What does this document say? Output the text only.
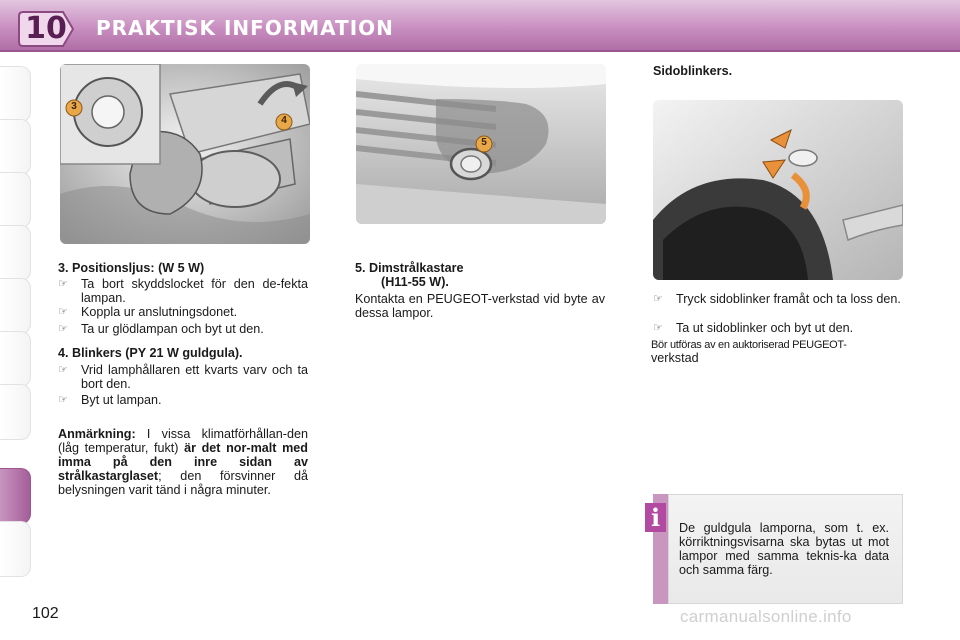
10	PRAKTISK INFORMATION
3
4
5
3. Positionsljus: (W 5 W)
☞ Ta bort skyddslocket för den de-fekta lampan.
☞ Koppla ur anslutningsdonet.
☞ Ta ur glödlampan och byt ut den.
4. Blinkers (PY 21 W guldgula).
☞ Vrid lamphållaren ett kvarts varv och ta bort den.
☞ Byt ut lampan.
Anmärkning: I vissa klimatförhållan-den (låg temperatur, fukt) är det nor-malt med imma på den inre sidan av strålkastarglaset; den försvinner då belysningen varit tänd i några minuter.
5. Dimstrålkastare
(H11-55 W).
Kontakta en PEUGEOT-verkstad vid byte av dessa lampor.
Sidoblinkers.
☞ Tryck sidoblinker framåt och ta loss den.
☞ Ta ut sidoblinker och byt ut den.
Bör utföras av en auktoriserad PEUGEOT-
verkstad
De guldgula lamporna, som t. ex. körriktningsvisarna ska bytas ut mot lampor med samma teknis-ka data och samma färg.
i
102	carmanualsonline.info
